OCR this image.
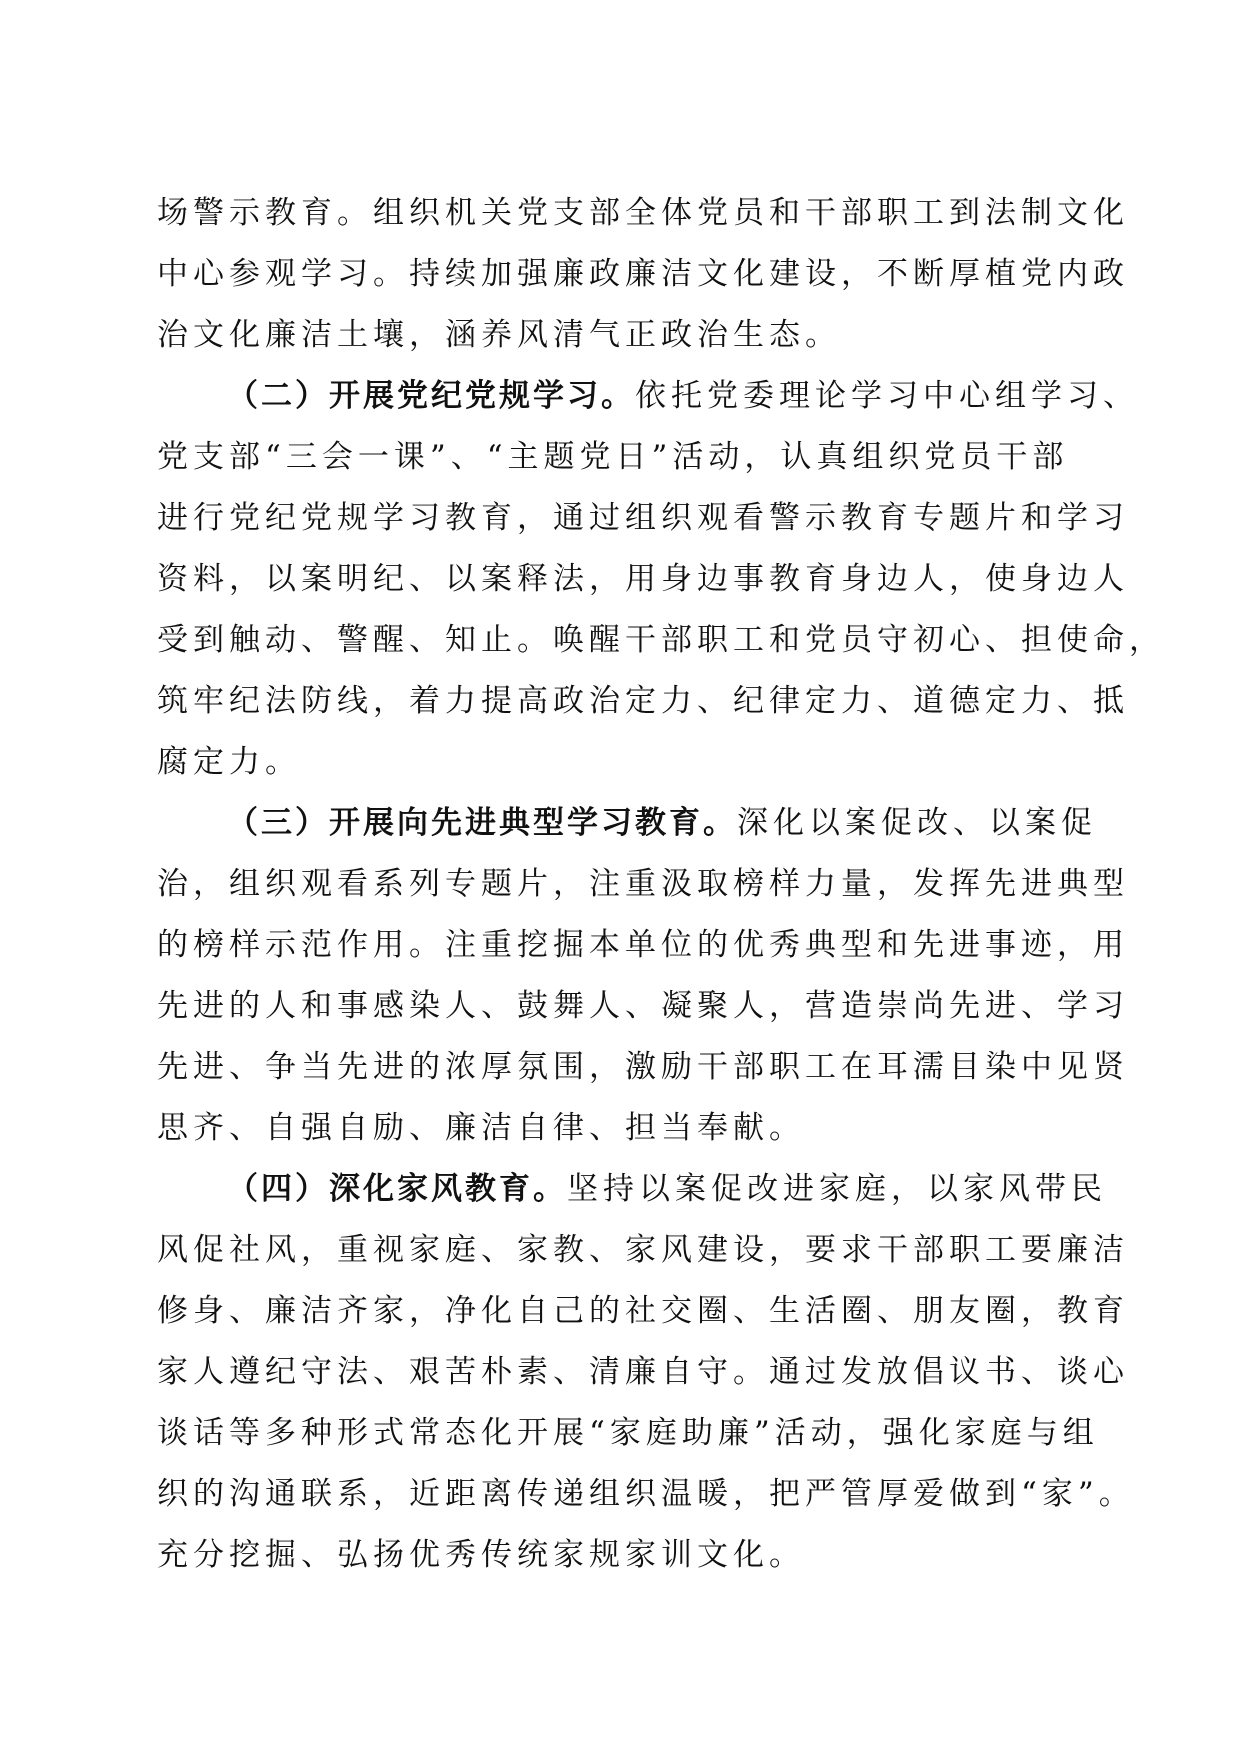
场警示教育。组织机关党支部全体党员和干部职工到法制文化
中心参观学习。持续加强廉政廉洁文化建设，不断厚植党内政
治文化廉洁土壤，涵养风清气正政治生态。
（二）开展党纪党规学习。依托党委理论学习中心组学习、
党支部“三会一课”、“主题党日”活动，认真组织党员干部
进行党纪党规学习教育，通过组织观看警示教育专题片和学习
资料，以案明纪、以案释法，用身边事教育身边人，使身边人
受到触动、警醒、知止。唤醒干部职工和党员守初心、担使命，
筑牢纪法防线，着力提高政治定力、纪律定力、道德定力、抵
腐定力。
（三）开展向先进典型学习教育。深化以案促改、以案促
治，组织观看系列专题片，注重汲取榜样力量，发挥先进典型
的榜样示范作用。注重挖掘本单位的优秀典型和先进事迹，用
先进的人和事感染人、鼓舞人、凝聚人，营造崇尚先进、学习
先进、争当先进的浓厚氛围，激励干部职工在耳濡目染中见贤
思齐、自强自励、廉洁自律、担当奉献。
（四）深化家风教育。坚持以案促改进家庭，以家风带民
风促社风，重视家庭、家教、家风建设，要求干部职工要廉洁
修身、廉洁齐家，净化自己的社交圈、生活圈、朋友圈，教育
家人遵纪守法、艰苦朴素、清廉自守。通过发放倡议书、谈心
谈话等多种形式常态化开展“家庭助廉”活动，强化家庭与组
织的沟通联系，近距离传递组织温暖，把严管厚爱做到“家”。
充分挖掘、弘扬优秀传统家规家训文化。
